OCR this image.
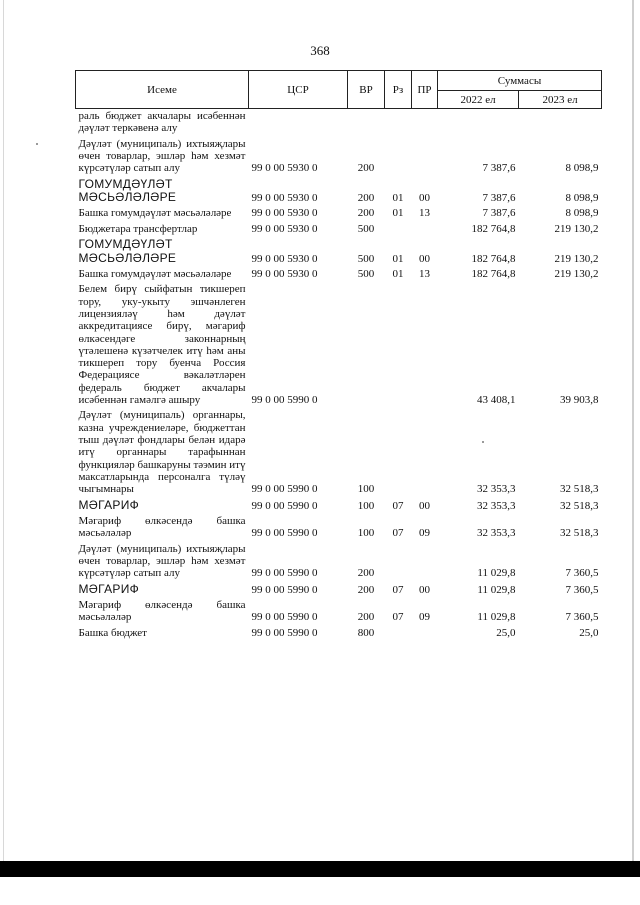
368
Исеме	ЦСР	ВР	Рз	ПР	Суммасы	
					2022 ел	2023 ел
раль бюджет акчалары исәбеннән дәүләт теркәвенә алу						
Дәүләт (муниципаль) ихтыяҗлары өчен товарлар, эшләр һәм хезмәт күрсәтүләр сатып алу	99 0 00 5930 0	200			7 387,6	8 098,9
ГОМУМДӘҮЛӘТ МӘСЬӘЛӘЛӘРЕ	99 0 00 5930 0	200	01	00	7 387,6	8 098,9
Башка гомумдәүләт мәсьәләләре	99 0 00 5930 0	200	01	13	7 387,6	8 098,9
Бюджетара трансфертлар	99 0 00 5930 0	500			182 764,8	219 130,2
ГОМУМДӘҮЛӘТ МӘСЬӘЛӘЛӘРЕ	99 0 00 5930 0	500	01	00	182 764,8	219 130,2
Башка гомумдәүләт мәсьәләләре	99 0 00 5930 0	500	01	13	182 764,8	219 130,2
Белем бирү сыйфатын тикшереп тору, уку-укыту эшчәнлеген лицензияләү һәм дәүләт аккредитациясе бирү, мәгариф өлкәсендәге законнарның үтәлешенә күзәтчелек итү һәм аны тикшереп тору буенча Россия Федерациясе вәкаләтләрен федераль бюджет акчалары исәбеннән гамәлгә ашыру	99 0 00 5990 0				43 408,1	39 903,8
Дәүләт (муниципаль) органнары, казна учреждениеләре, бюджеттан тыш дәүләт фондлары белән идарә итү органнары тарафыннан функцияләр башкаруны тәэмин итү максатларында персоналга түләү чыгымнары	99 0 00 5990 0	100			32 353,3	32 518,3
МӘГАРИФ	99 0 00 5990 0	100	07	00	32 353,3	32 518,3
Мәгариф өлкәсендә башка мәсьәләләр	99 0 00 5990 0	100	07	09	32 353,3	32 518,3
Дәүләт (муниципаль) ихтыяҗлары өчен товарлар, эшләр һәм хезмәт күрсәтүләр сатып алу	99 0 00 5990 0	200			11 029,8	7 360,5
МӘГАРИФ	99 0 00 5990 0	200	07	00	11 029,8	7 360,5
Мәгариф өлкәсендә башка мәсьәләләр	99 0 00 5990 0	200	07	09	11 029,8	7 360,5
Башка бюджет	99 0 00 5990 0	800			25,0	25,0
